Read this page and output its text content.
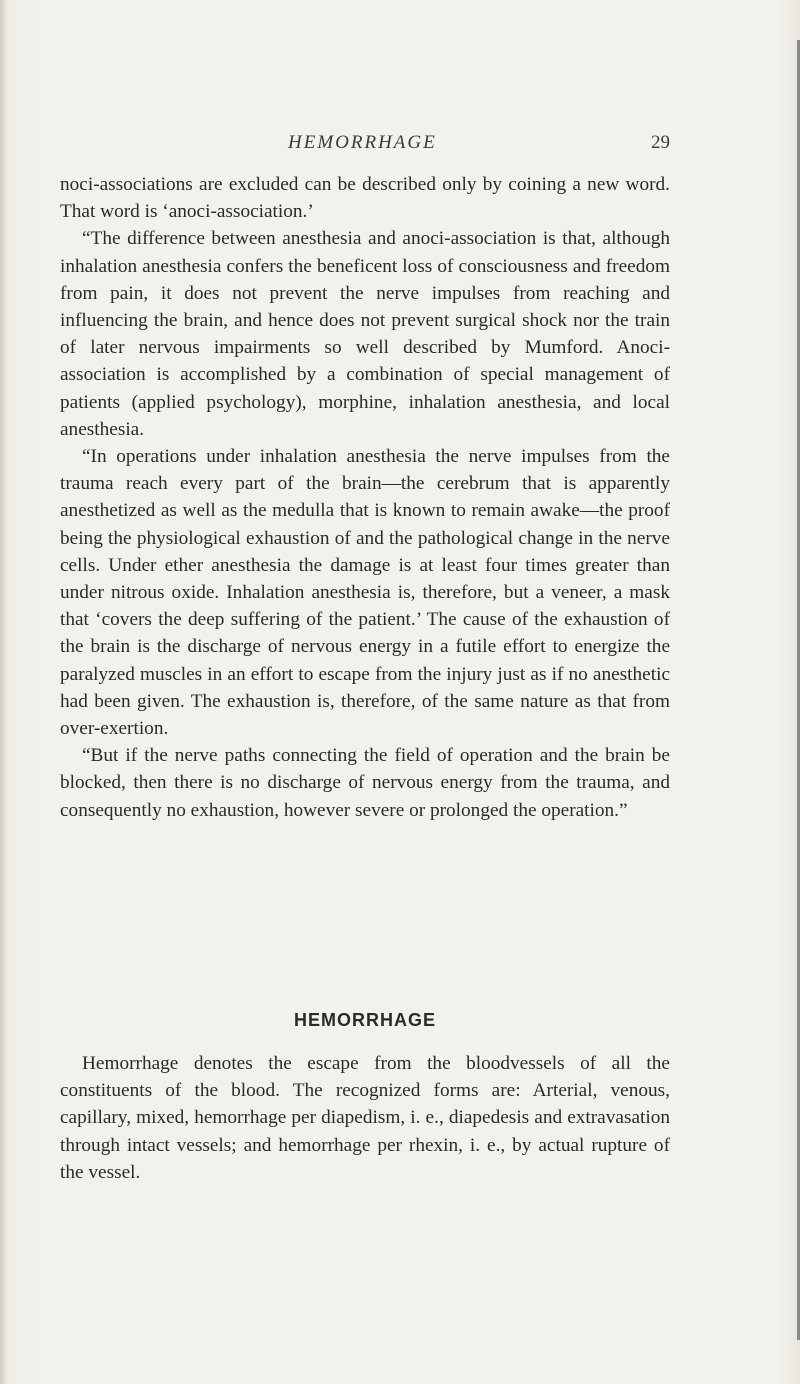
HEMORRHAGE	29

noci-associations are excluded can be described only by coining a new word. That word is ‘anoci-association.’

“The difference between anesthesia and anoci-association is that, although inhalation anesthesia confers the beneficent loss of consciousness and freedom from pain, it does not prevent the nerve impulses from reaching and influencing the brain, and hence does not prevent surgical shock nor the train of later nervous impairments so well described by Mumford. Anoci-association is accomplished by a combination of special management of patients (applied psychology), morphine, inhalation anesthesia, and local anesthesia.

“In operations under inhalation anesthesia the nerve impulses from the trauma reach every part of the brain—the cerebrum that is apparently anesthetized as well as the medulla that is known to remain awake—the proof being the physiological exhaustion of and the pathological change in the nerve cells. Under ether anesthesia the damage is at least four times greater than under nitrous oxide. Inhalation anesthesia is, therefore, but a veneer, a mask that ‘covers the deep suffering of the patient.’ The cause of the exhaustion of the brain is the discharge of nervous energy in a futile effort to energize the paralyzed muscles in an effort to escape from the injury just as if no anesthetic had been given. The exhaustion is, therefore, of the same nature as that from over-exertion.

“But if the nerve paths connecting the field of operation and the brain be blocked, then there is no discharge of nervous energy from the trauma, and consequently no exhaustion, however severe or prolonged the operation.”

HEMORRHAGE

Hemorrhage denotes the escape from the bloodvessels of all the constituents of the blood. The recognized forms are: Arterial, venous, capillary, mixed, hemorrhage per diapedism, i. e., diapedesis and extravasation through intact vessels; and hemorrhage per rhexin, i. e., by actual rupture of the vessel.
